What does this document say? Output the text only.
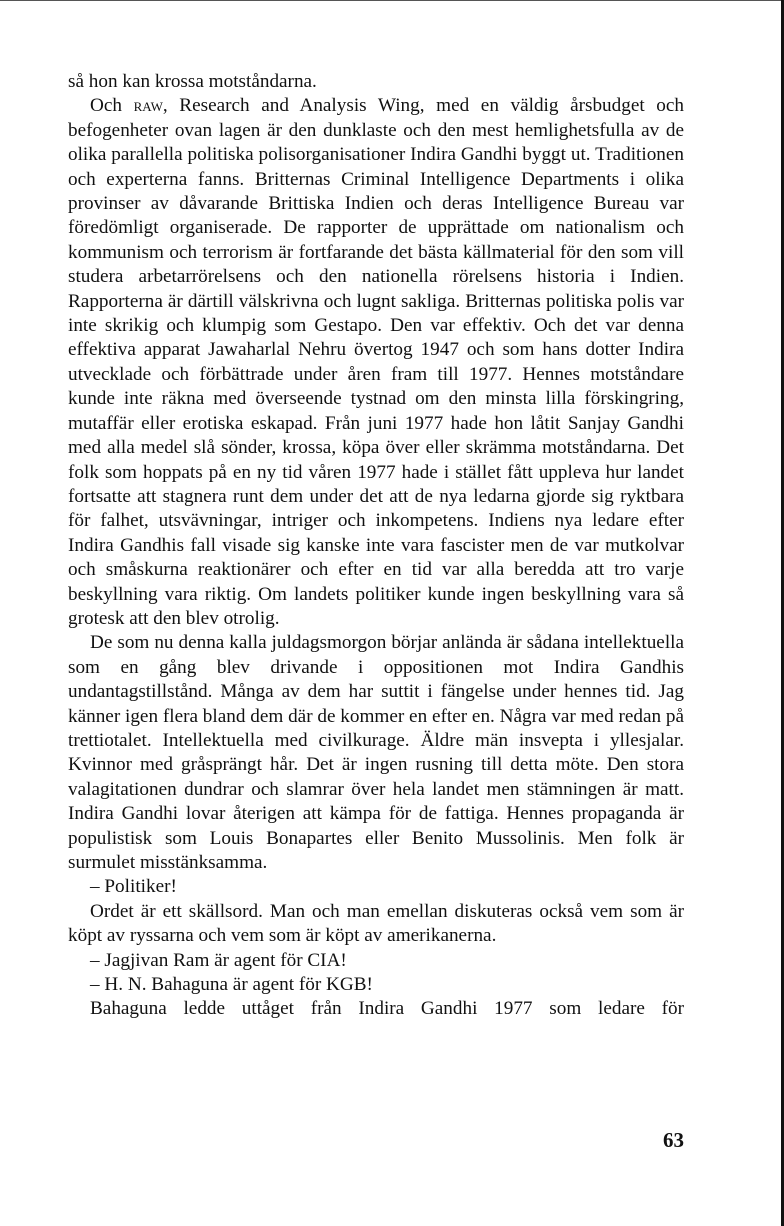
så hon kan krossa motståndarna.

Och raw, Research and Analysis Wing, med en väldig årsbudget och befogenheter ovan lagen är den dunklaste och den mest hemlighetsfulla av de olika parallella politiska polisorganisationer Indira Gandhi byggt ut. Traditionen och experterna fanns. Britternas Criminal Intelligence Departments i olika provinser av dåvarande Brittiska Indien och deras Intelligence Bureau var föredömligt organiserade. De rapporter de upprättade om nationalism och kommunism och terrorism är fortfarande det bästa källmaterial för den som vill studera arbetarrörelsens och den nationella rörelsens historia i Indien. Rapporterna är därtill välskrivna och lugnt sakliga. Britternas politiska polis var inte skrikig och klumpig som Gestapo. Den var effektiv. Och det var denna effektiva apparat Jawaharlal Nehru övertog 1947 och som hans dotter Indira utvecklade och förbättrade under åren fram till 1977. Hennes motståndare kunde inte räkna med överseende tystnad om den minsta lilla förskingring, mutaffär eller erotiska eskapad. Från juni 1977 hade hon låtit Sanjay Gandhi med alla medel slå sönder, krossa, köpa över eller skrämma motståndarna. Det folk som hoppats på en ny tid våren 1977 hade i stället fått uppleva hur landet fortsatte att stagnera runt dem under det att de nya ledarna gjorde sig ryktbara för falhet, utsvävningar, intriger och inkompetens. Indiens nya ledare efter Indira Gandhis fall visade sig kanske inte vara fascister men de var mutkolvar och småskurna reaktionärer och efter en tid var alla beredda att tro varje beskyllning vara riktig. Om landets politiker kunde ingen beskyllning vara så grotesk att den blev otrolig.

De som nu denna kalla juldagsmorgon börjar anlända är sådana intellektuella som en gång blev drivande i oppositionen mot Indira Gandhis undantagstillstånd. Många av dem har suttit i fängelse under hennes tid. Jag känner igen flera bland dem där de kommer en efter en. Några var med redan på trettiotalet. Intellektuella med civilkurage. Äldre män insvepta i yllesjalar. Kvinnor med gråsprängt hår. Det är ingen rusning till detta möte. Den stora valagitationen dundrar och slamrar över hela landet men stämningen är matt. Indira Gandhi lovar återigen att kämpa för de fattiga. Hennes propaganda är populistisk som Louis Bonapartes eller Benito Mussolinis. Men folk är surmulet misstänksamma.

– Politiker!

Ordet är ett skällsord. Man och man emellan diskuteras också vem som är köpt av ryssarna och vem som är köpt av amerikanerna.

– Jagjivan Ram är agent för CIA!

– H. N. Bahaguna är agent för KGB!

Bahaguna ledde uttåget från Indira Gandhi 1977 som ledare för

63
